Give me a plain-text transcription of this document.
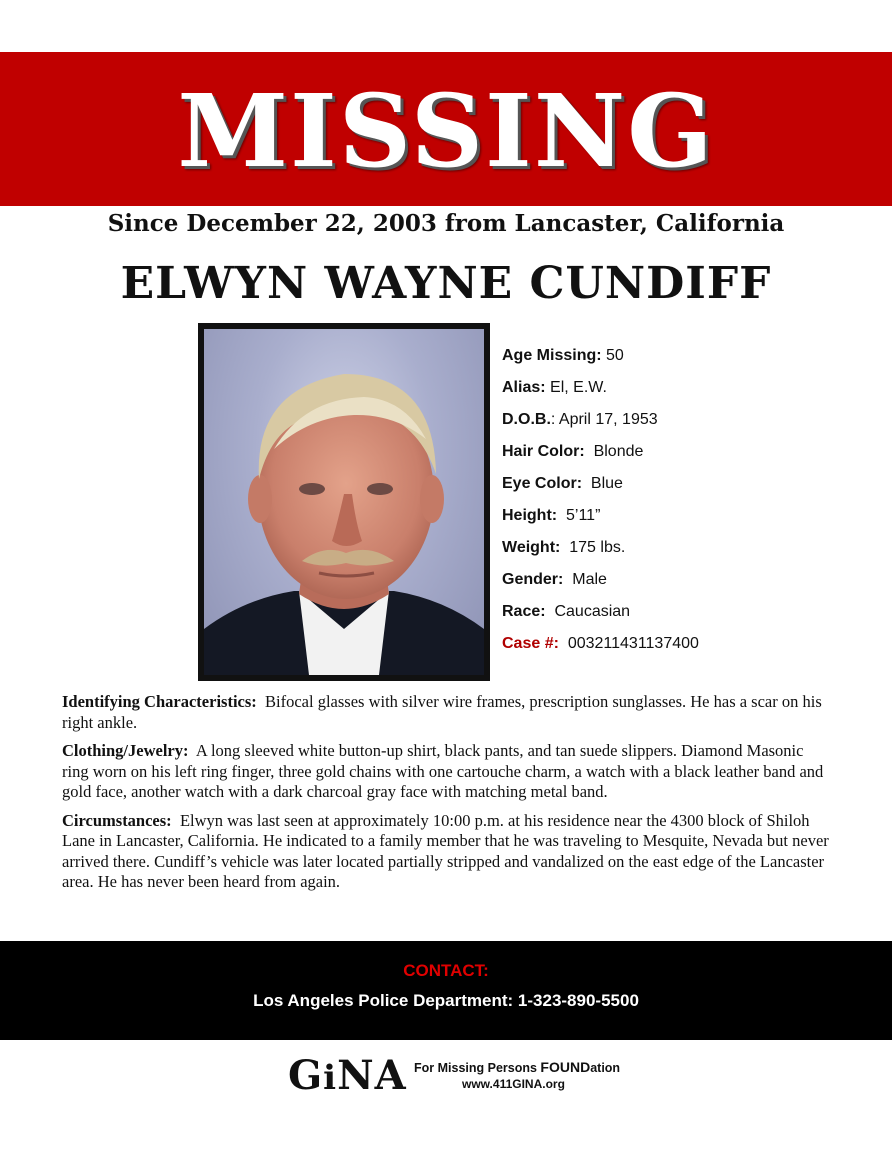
MISSING
Since December 22, 2003 from Lancaster, California
ELWYN WAYNE CUNDIFF
Age Missing: 50
Alias: El, E.W.
D.O.B.: April 17, 1953
Hair Color: Blonde
Eye Color: Blue
Height: 5’11”
Weight: 175 lbs.
Gender: Male
Race: Caucasian
Case #: 003211431137400

Identifying Characteristics: Bifocal glasses with silver wire frames, prescription sunglasses. He has a scar on his right ankle.

Clothing/Jewelry: A long sleeved white button-up shirt, black pants, and tan suede slippers. Diamond Masonic ring worn on his left ring finger, three gold chains with one cartouche charm, a watch with a black leather band and gold face, another watch with a dark charcoal gray face with matching metal band.

Circumstances: Elwyn was last seen at approximately 10:00 p.m. at his residence near the 4300 block of Shiloh Lane in Lancaster, California. He indicated to a family member that he was traveling to Mesquite, Nevada but never arrived there. Cundiff’s vehicle was later located partially stripped and vandalized on the east edge of the Lancaster area. He has never been heard from again.

CONTACT:
Los Angeles Police Department: 1-323-890-5500
GiNA For Missing Persons FOUNDation
www.411GINA.org
